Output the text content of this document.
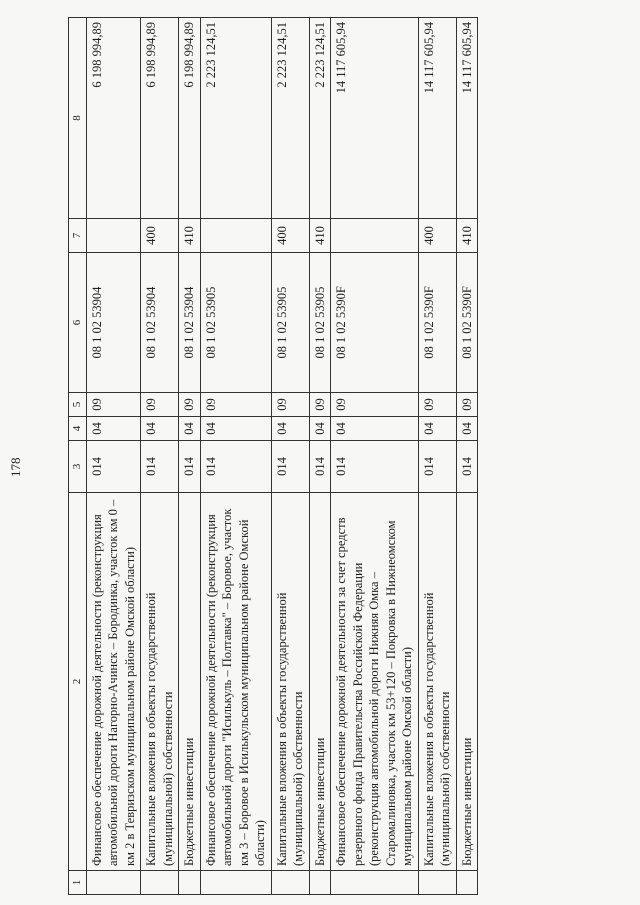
178
1	2	3	4	5	6	7	8
	Финансовое обеспечение дорожной деятельности (реконструкция автомобильной дороги Нагорно-Ачинск – Бородинка, участок км 0 – км 2 в Тевризском муниципальном районе Омской области)	014	04	09	08 1 02 53904		6 198 994,89
	Капитальные вложения в объекты государственной (муниципальной) собственности	014	04	09	08 1 02 53904	400	6 198 994,89
	Бюджетные инвестиции	014	04	09	08 1 02 53904	410	6 198 994,89
	Финансовое обеспечение дорожной деятельности (реконструкция автомобильной дороги "Исилькуль – Полтавка" – Боровое, участок км 3 – Боровое в Исилькульском муниципальном районе Омской области)	014	04	09	08 1 02 53905		2 223 124,51
	Капитальные вложения в объекты государственной (муниципальной) собственности	014	04	09	08 1 02 53905	400	2 223 124,51
	Бюджетные инвестиции	014	04	09	08 1 02 53905	410	2 223 124,51
	Финансовое обеспечение дорожной деятельности за счет средств резервного фонда Правительства Российской Федерации (реконструкция автомобильной дороги Нижняя Омка – Старомалиновка, участок км 53+120 – Покровка в Нижнеомском муниципальном районе Омской области)	014	04	09	08 1 02 5390F		14 117 605,94
	Капитальные вложения в объекты государственной (муниципальной) собственности	014	04	09	08 1 02 5390F	400	14 117 605,94
	Бюджетные инвестиции	014	04	09	08 1 02 5390F	410	14 117 605,94
